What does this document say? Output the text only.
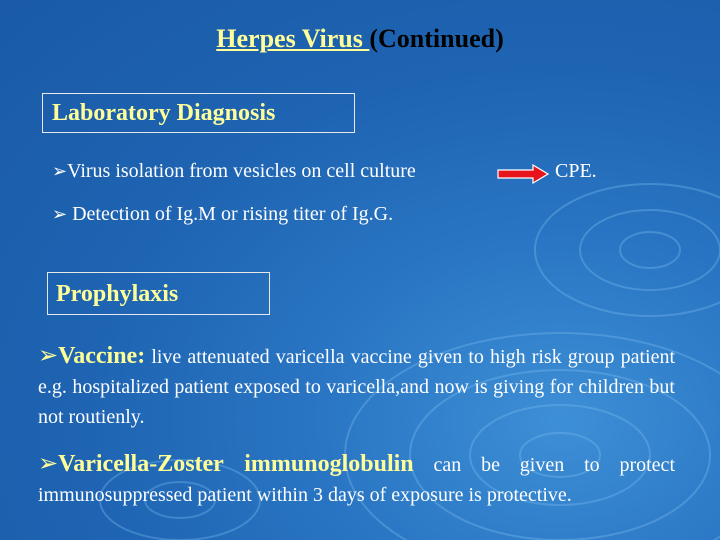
Herpes Virus (Continued)
Laboratory Diagnosis
➢Virus isolation from vesicles on cell culture	CPE.
➢ Detection of Ig.M or rising titer of Ig.G.
Prophylaxis
➢Vaccine: live attenuated varicella vaccine given to high risk group patient e.g. hospitalized patient exposed to varicella,and now is giving for children but not routienly.
➢Varicella-Zoster immunoglobulin can be given to protect immunosuppressed patient within 3 days of exposure is protective.
